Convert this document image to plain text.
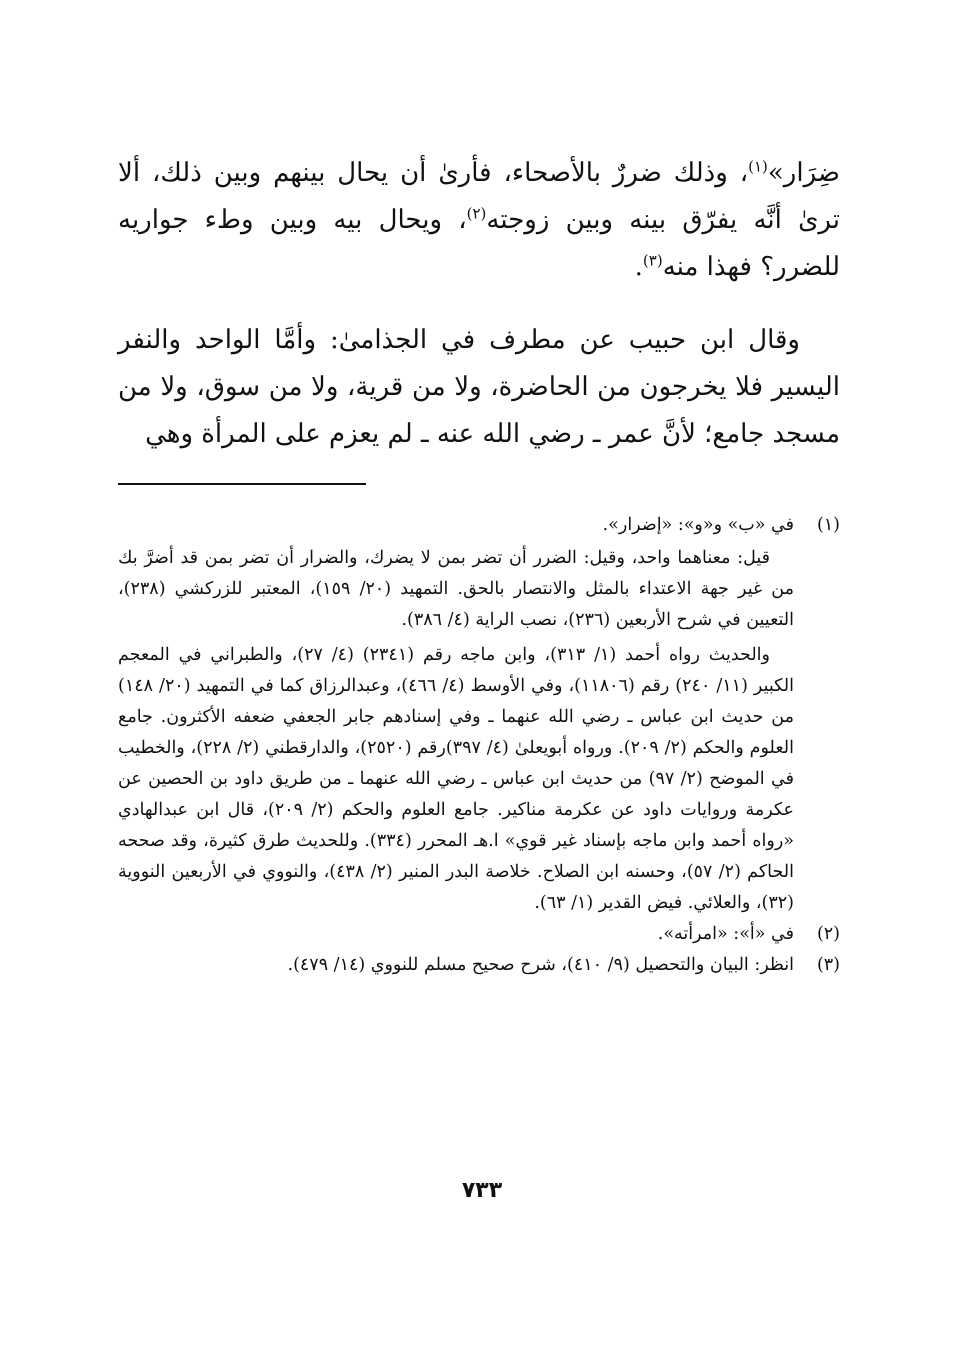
ضِرَار»$^{(١)}$، وذلك ضررٌ بالأصحاء، فأرىٰ أن يحال بينهم وبين ذلك، ألا ترىٰ أنَّه يفرّق بينه وبين زوجته$^{(٢)}$، ويحال بيه وبين وطء جواريه للضرر؟ فهذا منه$^{(٣)}$.

وقال ابن حبيب عن مطرف في الجذامىٰ: وأمَّا الواحد والنفر اليسير فلا يخرجون من الحاضرة، ولا من قرية، ولا من سوق، ولا من مسجد جامع؛ لأنَّ عمر ـ رضي الله عنه ـ لم يعزم على المرأة وهي

(١)

في «ب» و«و»: «إضرار».

قيل: معناهما واحد، وقيل: الضرر أن تضر بمن لا يضرك، والضرار أن تضر بمن قد أضرَّ بك من غير جهة الاعتداء بالمثل والانتصار بالحق. التمهيد (٢٠/ ١٥٩)، المعتبر للزركشي (٢٣٨)، التعيين في شرح الأربعين (٢٣٦)، نصب الراية (٤/ ٣٨٦).

والحديث رواه أحمد (١/ ٣١٣)، وابن ماجه رقم (٢٣٤١) (٤/ ٢٧)، والطبراني في المعجم الكبير (١١/ ٢٤٠) رقم (١١٨٠٦)، وفي الأوسط (٤/ ٤٦٦)، وعبدالرزاق كما في التمهيد (٢٠/ ١٤٨) من حديث ابن عباس ـ رضي الله عنهما ـ وفي إسنادهم جابر الجعفي ضعفه الأكثرون. جامع العلوم والحكم (٢/ ٢٠٩). ورواه أبويعلىٰ (٤/ ٣٩٧)رقم (٢٥٢٠)، والدارقطني (٢/ ٢٢٨)، والخطيب في الموضح (٢/ ٩٧) من حديث ابن عباس ـ رضي الله عنهما ـ من طريق داود بن الحصين عن عكرمة وروايات داود عن عكرمة مناكير. جامع العلوم والحكم (٢/ ٢٠٩)، قال ابن عبدالهادي «رواه أحمد وابن ماجه بإسناد غير قوي» ا.هـ المحرر (٣٣٤). وللحديث طرق كثيرة، وقد صححه الحاكم (٢/ ٥٧)، وحسنه ابن الصلاح. خلاصة البدر المنير (٢/ ٤٣٨)، والنووي في الأربعين النووية (٣٢)، والعلائي. فيض القدير (١/ ٦٣).

(٢)

في «أ»: «امرأته».

(٣)

انظر: البيان والتحصيل (٩/ ٤١٠)، شرح صحيح مسلم للنووي (١٤/ ٤٧٩).

٧٣٣
